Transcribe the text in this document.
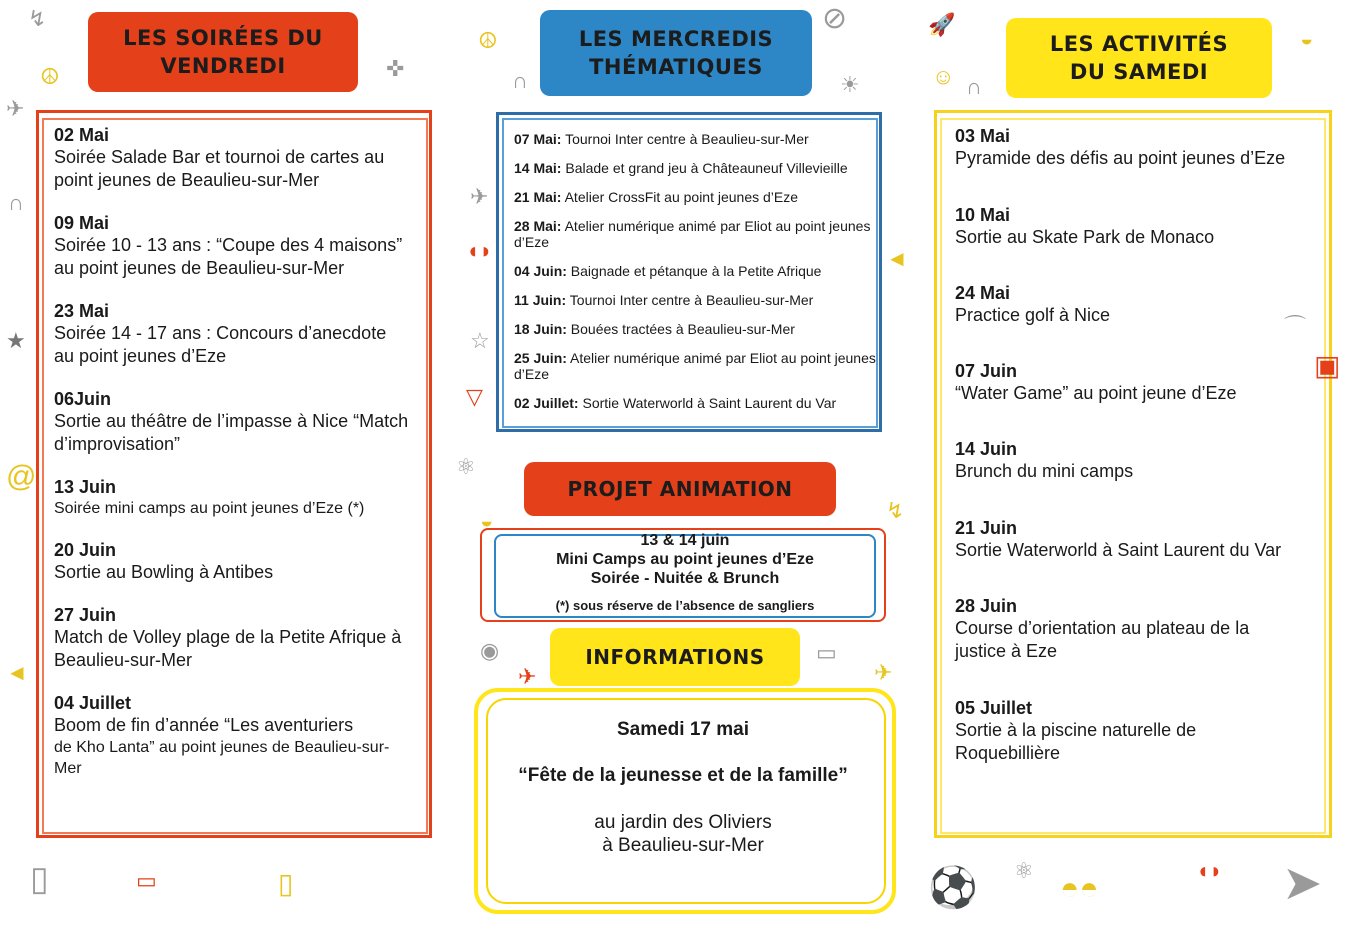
LES SOIRÉES DU
VENDREDI
02 Mai
Soirée Salade Bar et tournoi de cartes au point jeunes de Beaulieu-sur-Mer
09 Mai
Soirée 10 - 13 ans : “Coupe des 4 maisons” au point jeunes de Beaulieu-sur-Mer
23 Mai
Soirée 14 - 17 ans : Concours d’anecdote au point jeunes d’Eze
06Juin
Sortie au théâtre de l’impasse à Nice “Match d’improvisation”
13 Juin
Soirée mini camps au point jeunes d’Eze (*)
20 Juin
Sortie au Bowling à Antibes
27 Juin
Match de Volley plage de la Petite Afrique à Beaulieu-sur-Mer
04 Juillet
Boom de fin d’année “Les aventuriers
de Kho Lanta” au point jeunes de Beaulieu-sur-Mer
LES MERCREDIS
THÉMATIQUES
07 Mai: Tournoi Inter centre à Beaulieu-sur-Mer
14 Mai: Balade et grand jeu à Châteauneuf Villevieille
21 Mai: Atelier CrossFit au point jeunes d’Eze
28 Mai: Atelier numérique animé par Eliot au point jeunes d’Eze
04 Juin: Baignade et pétanque à la Petite Afrique
11 Juin: Tournoi Inter centre à Beaulieu-sur-Mer
18 Juin: Bouées tractées à Beaulieu-sur-Mer
25 Juin: Atelier numérique animé par Eliot au point jeunes d’Eze
02 Juillet: Sortie Waterworld à Saint Laurent du Var
PROJET ANIMATION
13 & 14 juin
Mini Camps au point jeunes d’Eze
Soirée - Nuitée & Brunch
(*) sous réserve de l’absence de sangliers
INFORMATIONS
Samedi 17 mai
“Fête de la jeunesse et de la famille”
au jardin des Oliviers
à Beaulieu-sur-Mer
LES ACTIVITÉS
DU SAMEDI
03 Mai
Pyramide des défis au point jeunes d’Eze
10 Mai
Sortie au Skate Park de Monaco
24 Mai
Practice golf à Nice
07 Juin
“Water Game” au point jeune d’Eze
14 Juin
Brunch du mini camps
21 Juin
Sortie Waterworld à Saint Laurent du Var
28 Juin
Course d’orientation au plateau de la justice à Eze
05 Juillet
Sortie à la piscine naturelle de Roquebillière
↯
☮
✈
∩
★
@
◄
▯	▭	▯
✜
☮
∩
⊘
☀
✈
◖◗
☆
▽
⚛
◒
◄
↯
◉
✈
▭
✈
🚀
☺ ∩
◒
⌒
▣
⚽ ⚛ ◓◓	◖◗ ➤
